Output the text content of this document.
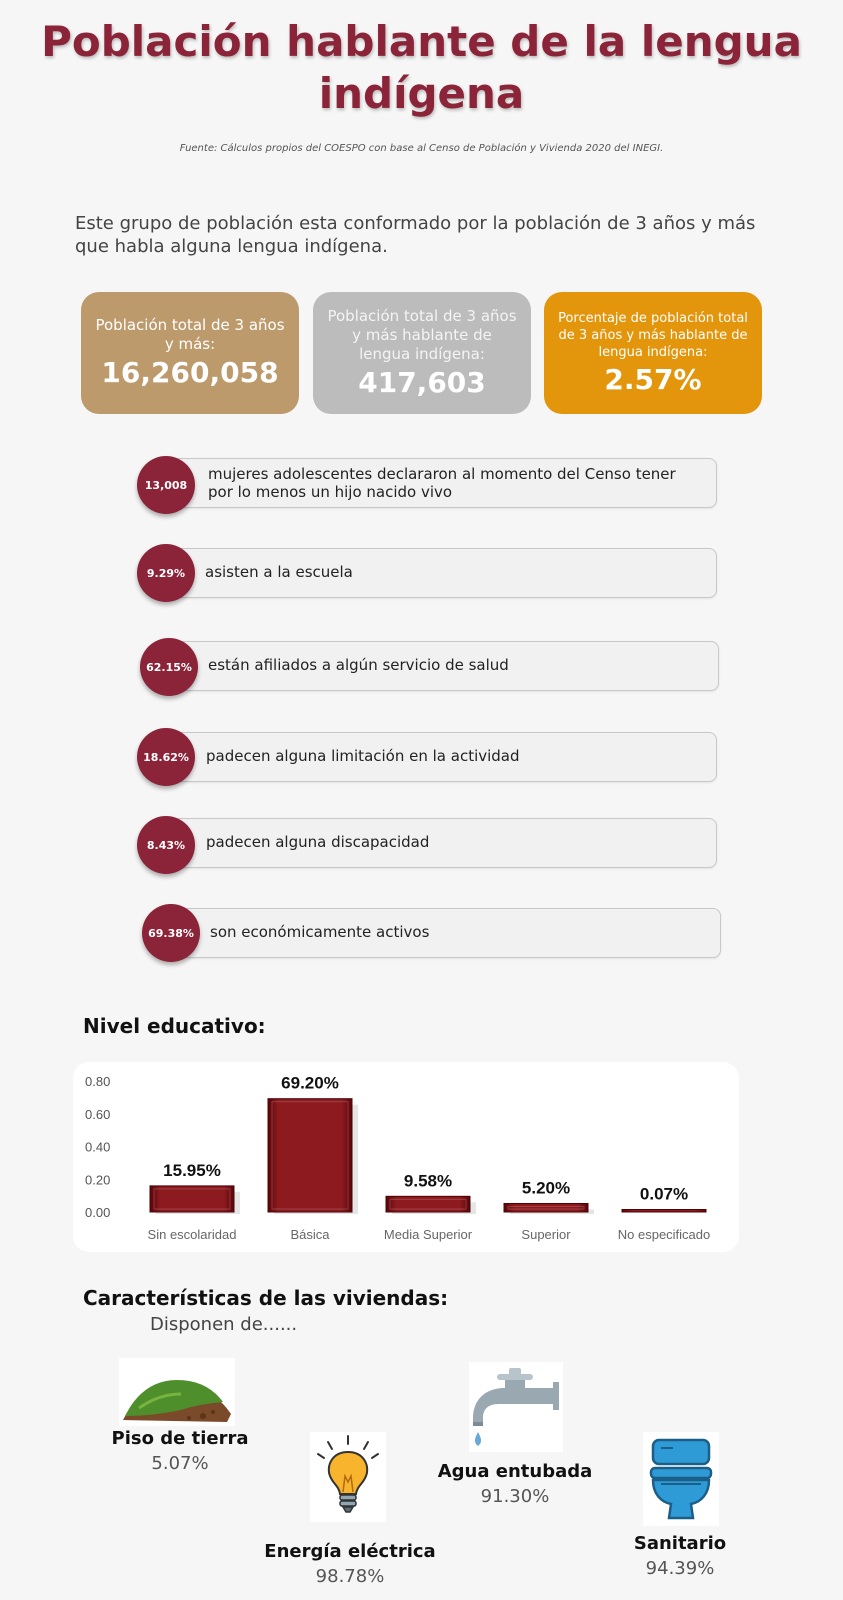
Población hablante de la lengua indígena
Fuente: Cálculos propios del COESPO con base al Censo de Población y Vivienda 2020 del INEGI.
Este grupo de población esta conformado por la población de 3 años y más que habla alguna lengua indígena.
Población total de 3 años y más:
16,260,058
Población total de 3 años y más hablante de lengua indígena:
417,603
Porcentaje de población total de 3 años y más hablante de lengua indígena:
2.57%
mujeres adolescentes declararon al momento del Censo tener por lo menos un hijo nacido vivo
13,008
asisten a la escuela
9.29%
están afiliados a algún servicio de salud
62.15%
padecen alguna limitación en la actividad
18.62%
padecen alguna discapacidad
8.43%
son económicamente activos
69.38%
Nivel educativo:
0.00
0.20
0.40
0.60
0.80
15.95%
Sin escolaridad
69.20%
Básica
9.58%
Media Superior
5.20%
Superior
0.07%
No especificado
Características de las viviendas:
Disponen de......
Piso de tierra
5.07%
Energía eléctrica
98.78%
Agua entubada
91.30%
Sanitario
94.39%
